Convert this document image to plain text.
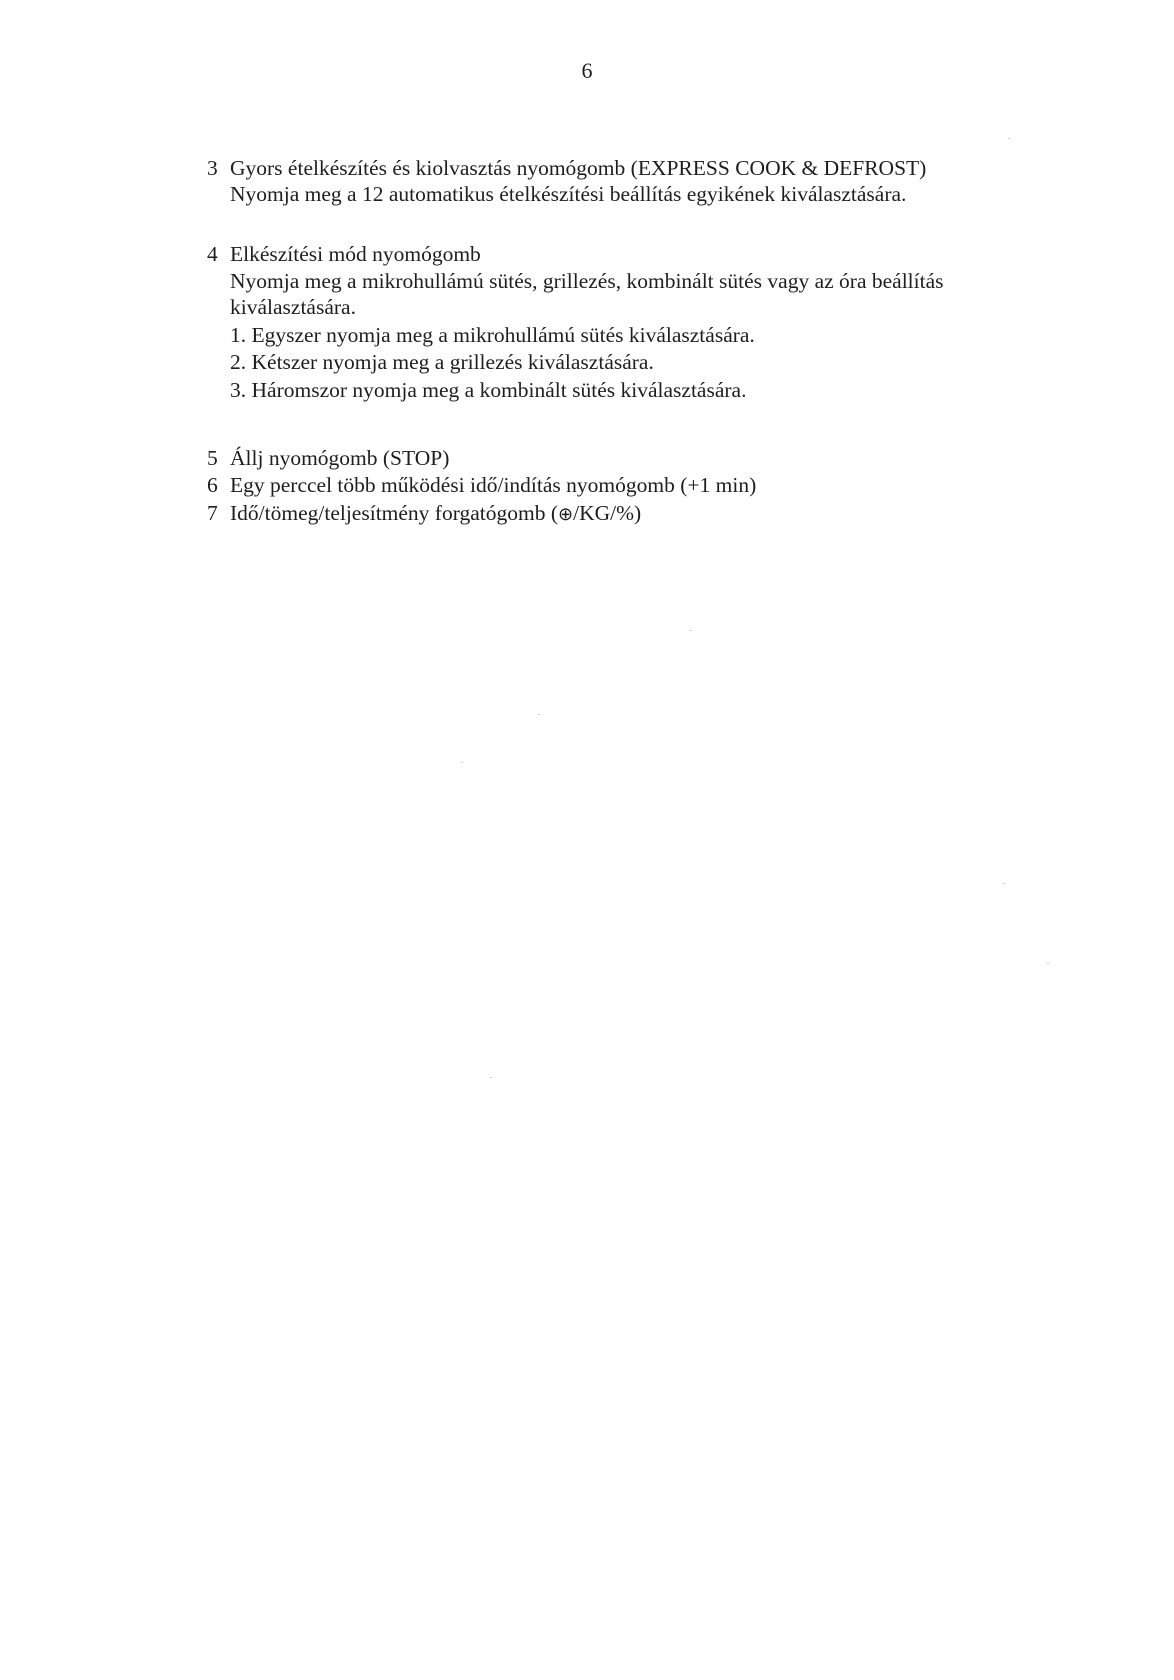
6
3 Gyors ételkészítés és kiolvasztás nyomógomb (EXPRESS COOK & DEFROST)
Nyomja meg a 12 automatikus ételkészítési beállítás egyikének kiválasztására.
4 Elkészítési mód nyomógomb
Nyomja meg a mikrohullámú sütés, grillezés, kombinált sütés vagy az óra beállítás
kiválasztására.
1. Egyszer nyomja meg a mikrohullámú sütés kiválasztására.
2. Kétszer nyomja meg a grillezés kiválasztására.
3. Háromszor nyomja meg a kombinált sütés kiválasztására.
5 Állj nyomógomb (STOP)
6 Egy perccel több működési idő/indítás nyomógomb (+1 min)
7 Idő/tömeg/teljesítmény forgatógomb (⊕/KG/%)
